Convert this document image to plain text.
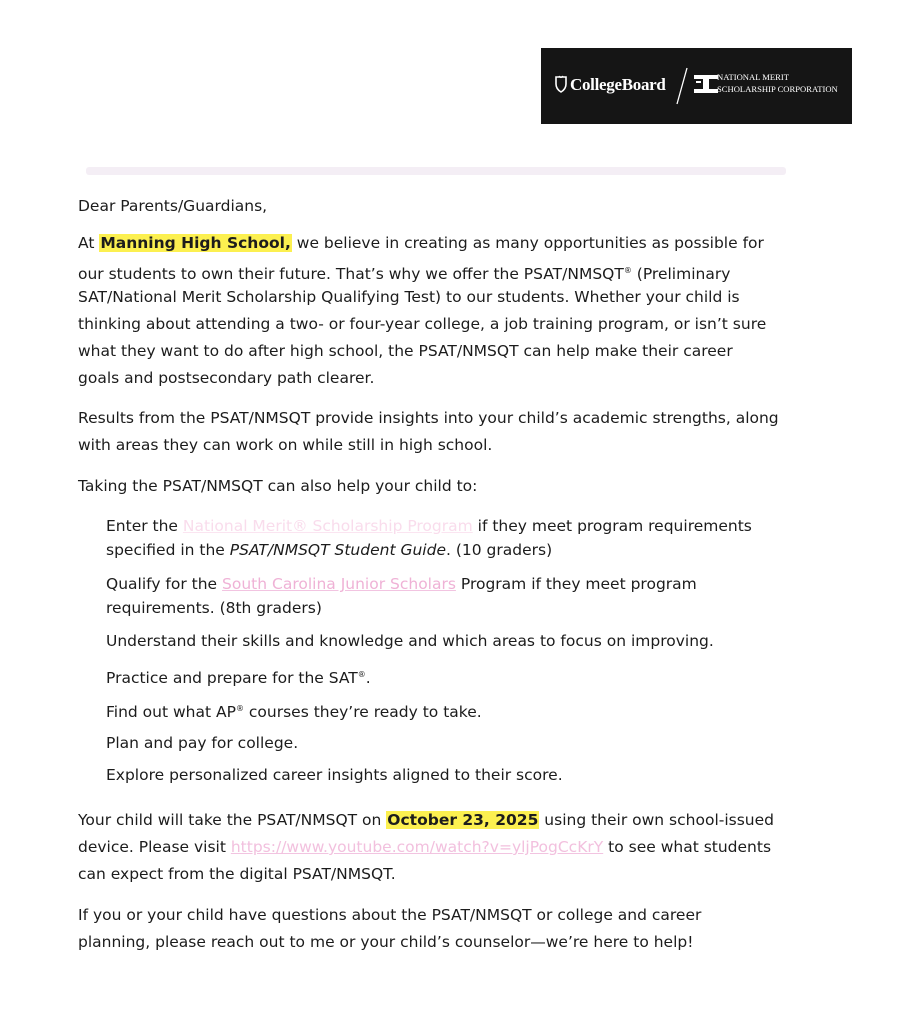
CollegeBoard	NATIONAL MERIT
SCHOLARSHIP CORPORATION
Dear Parents/Guardians,
At Manning High School, we believe in creating as many opportunities as possible for
our students to own their future. That’s why we offer the PSAT/NMSQT® (Preliminary
SAT/National Merit Scholarship Qualifying Test) to our students. Whether your child is
thinking about attending a two- or four-year college, a job training program, or isn’t sure
what they want to do after high school, the PSAT/NMSQT can help make their career
goals and postsecondary path clearer.
Results from the PSAT/NMSQT provide insights into your child’s academic strengths, along
with areas they can work on while still in high school.
Taking the PSAT/NMSQT can also help your child to:
Enter the National Merit® Scholarship Program if they meet program requirements
specified in the PSAT/NMSQT Student Guide. (10 graders)
Qualify for the South Carolina Junior Scholars Program if they meet program
requirements. (8th graders)
Understand their skills and knowledge and which areas to focus on improving.
Practice and prepare for the SAT®.
Find out what AP® courses they’re ready to take.
Plan and pay for college.
Explore personalized career insights aligned to their score.
Your child will take the PSAT/NMSQT on October 23, 2025 using their own school-issued
device. Please visit https://www.youtube.com/watch?v=yljPogCcKrY to see what students
can expect from the digital PSAT/NMSQT.
If you or your child have questions about the PSAT/NMSQT or college and career
planning, please reach out to me or your child’s counselor—we’re here to help!
